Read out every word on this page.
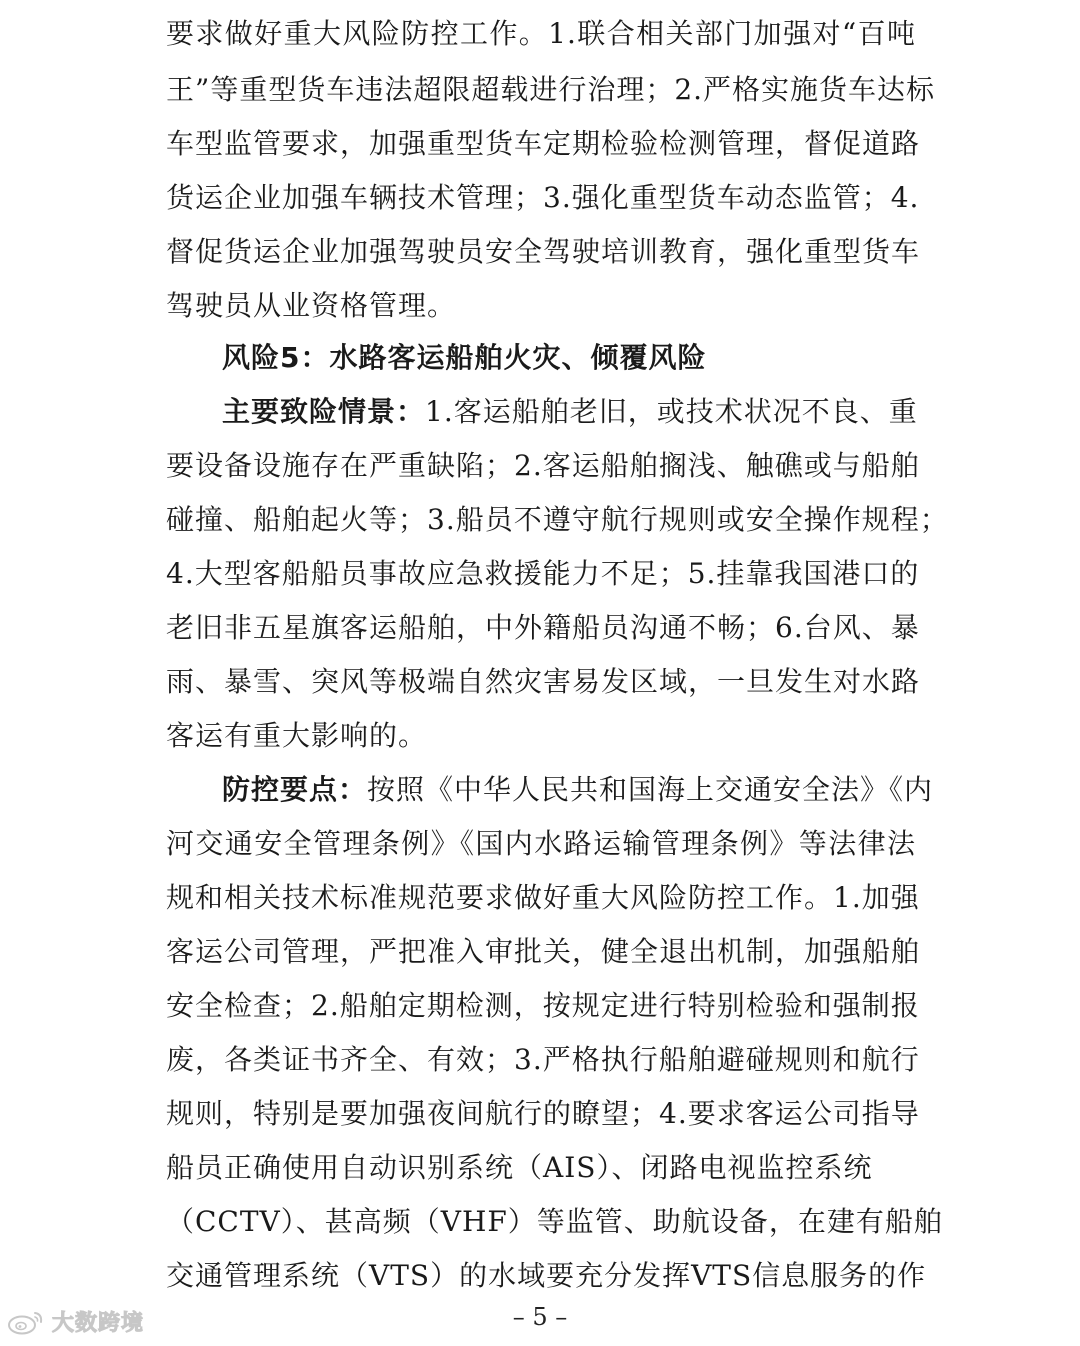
要求做好重大风险防控工作。1.联合相关部门加强对“百吨
王”等重型货车违法超限超载进行治理；2.严格实施货车达标
车型监管要求，加强重型货车定期检验检测管理，督促道路
货运企业加强车辆技术管理；3.强化重型货车动态监管；4.
督促货运企业加强驾驶员安全驾驶培训教育，强化重型货车
驾驶员从业资格管理。
风险5：水路客运船舶火灾、倾覆风险
主要致险情景：1.客运船舶老旧，或技术状况不良、重
要设备设施存在严重缺陷；2.客运船舶搁浅、触礁或与船舶
碰撞、船舶起火等；3.船员不遵守航行规则或安全操作规程；
4.大型客船船员事故应急救援能力不足；5.挂靠我国港口的
老旧非五星旗客运船舶，中外籍船员沟通不畅；6.台风、暴
雨、暴雪、突风等极端自然灾害易发区域，一旦发生对水路
客运有重大影响的。
防控要点：按照《中华人民共和国海上交通安全法》《内
河交通安全管理条例》《国内水路运输管理条例》等法律法
规和相关技术标准规范要求做好重大风险防控工作。1.加强
客运公司管理，严把准入审批关，健全退出机制，加强船舶
安全检查；2.船舶定期检测，按规定进行特别检验和强制报
废，各类证书齐全、有效；3.严格执行船舶避碰规则和航行
规则，特别是要加强夜间航行的瞭望；4.要求客运公司指导
船员正确使用自动识别系统（AIS）、闭路电视监控系统
（CCTV）、甚高频（VHF）等监管、助航设备，在建有船舶
交通管理系统（VTS）的水域要充分发挥VTS信息服务的作
– 5 –
大数跨境
